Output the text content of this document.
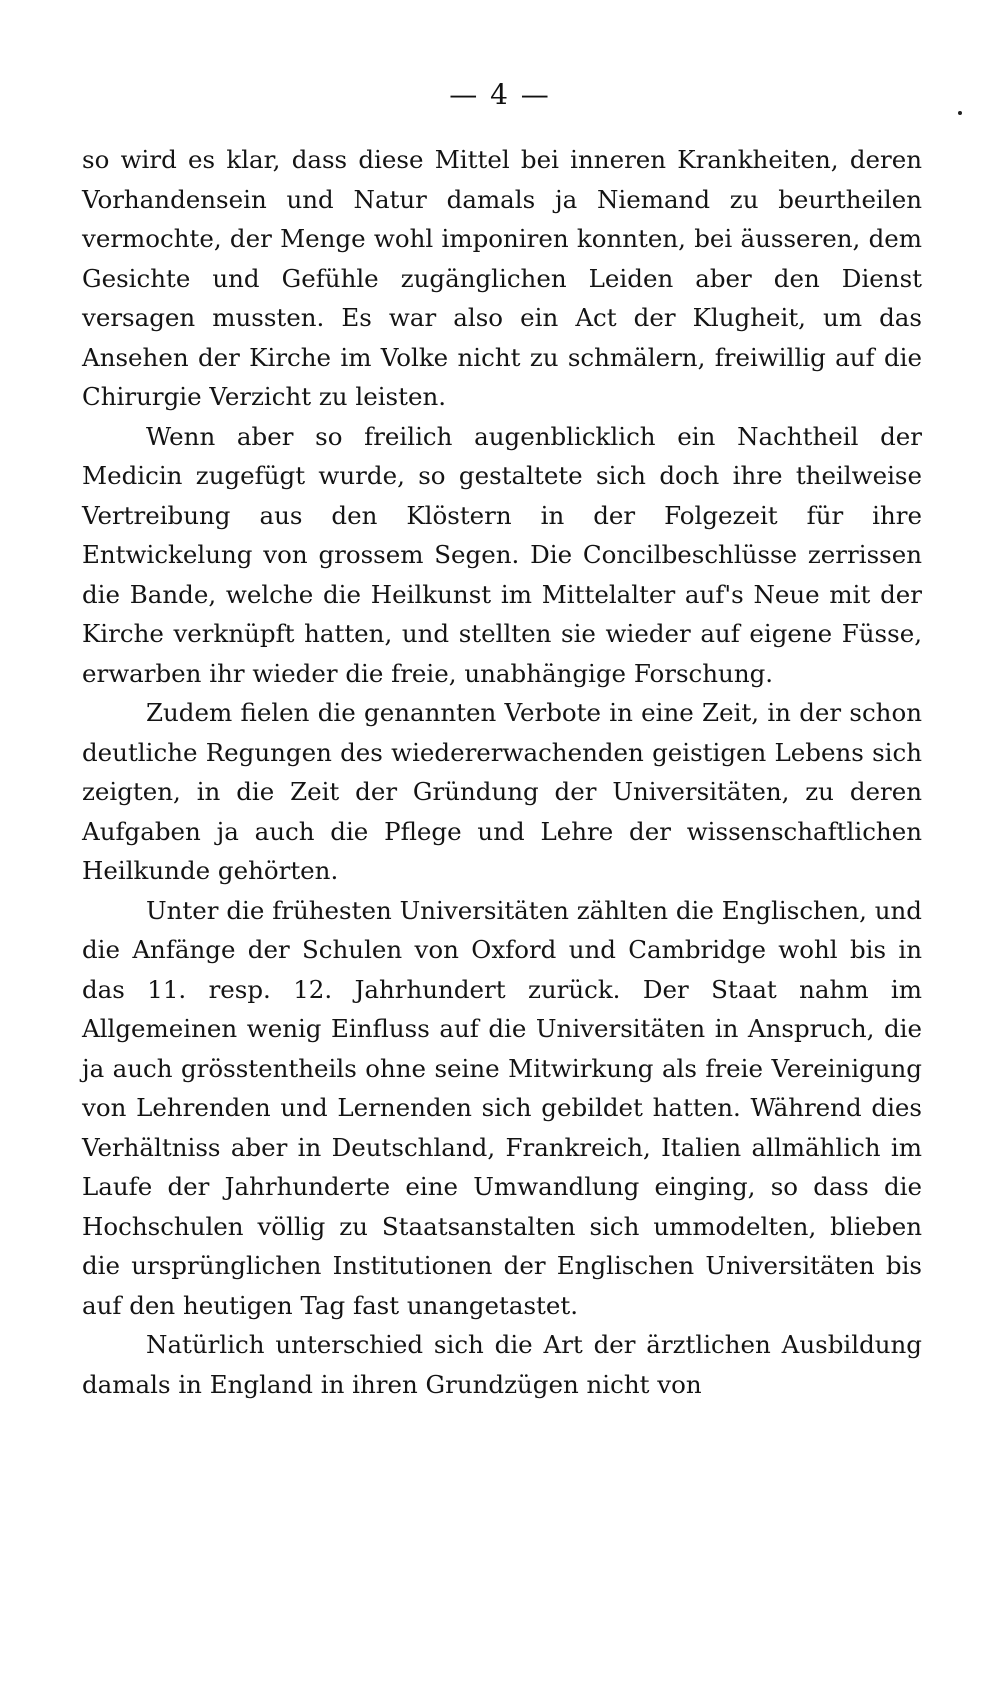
— 4 —

so wird es klar, dass diese Mittel bei inneren Krankheiten, deren Vorhandensein und Natur damals ja Niemand zu beurtheilen vermochte, der Menge wohl imponiren konnten, bei äusseren, dem Gesichte und Gefühle zugänglichen Leiden aber den Dienst versagen mussten. Es war also ein Act der Klugheit, um das Ansehen der Kirche im Volke nicht zu schmälern, freiwillig auf die Chirurgie Verzicht zu leisten.

Wenn aber so freilich augenblicklich ein Nachtheil der Medicin zugefügt wurde, so gestaltete sich doch ihre theilweise Vertreibung aus den Klöstern in der Folgezeit für ihre Entwickelung von grossem Segen. Die Concilbeschlüsse zerrissen die Bande, welche die Heilkunst im Mittelalter auf's Neue mit der Kirche verknüpft hatten, und stellten sie wieder auf eigene Füsse, erwarben ihr wieder die freie, unabhängige Forschung.

Zudem fielen die genannten Verbote in eine Zeit, in der schon deutliche Regungen des wiedererwachenden geistigen Lebens sich zeigten, in die Zeit der Gründung der Universitäten, zu deren Aufgaben ja auch die Pflege und Lehre der wissenschaftlichen Heilkunde gehörten.

Unter die frühesten Universitäten zählten die Englischen, und die Anfänge der Schulen von Oxford und Cambridge wohl bis in das 11. resp. 12. Jahrhundert zurück. Der Staat nahm im Allgemeinen wenig Einfluss auf die Universitäten in Anspruch, die ja auch grösstentheils ohne seine Mitwirkung als freie Vereinigung von Lehrenden und Lernenden sich gebildet hatten. Während dies Verhältniss aber in Deutschland, Frankreich, Italien allmählich im Laufe der Jahrhunderte eine Umwandlung einging, so dass die Hochschulen völlig zu Staatsanstalten sich ummodelten, blieben die ursprünglichen Institutionen der Englischen Universitäten bis auf den heutigen Tag fast unangetastet.

Natürlich unterschied sich die Art der ärztlichen Ausbildung damals in England in ihren Grundzügen nicht von
